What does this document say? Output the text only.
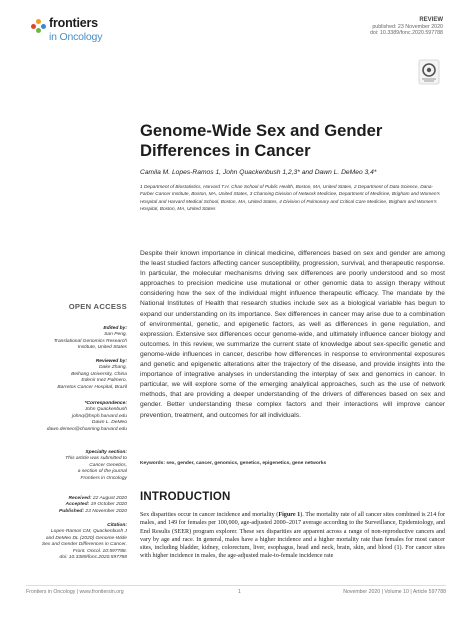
frontiers
in Oncology
REVIEW
published: 23 November 2020
doi: 10.3389/fonc.2020.597788
Genome-Wide Sex and Gender Differences in Cancer
Camila M. Lopes-Ramos 1, John Quackenbush 1,2,3* and Dawn L. DeMeo 3,4*
1 Department of Biostatistics, Harvard T.H. Chan School of Public Health, Boston, MA, United States, 2 Department of Data Science, Dana-Farber Cancer Institute, Boston, MA, United States, 3 Channing Division of Network Medicine, Department of Medicine, Brigham and Women's Hospital and Harvard Medical School, Boston, MA, United States, 4 Division of Pulmonary and Critical Care Medicine, Brigham and Women's Hospital, Boston, MA, United States

Despite their known importance in clinical medicine, differences based on sex and gender are among the least studied factors affecting cancer susceptibility, progression, survival, and therapeutic response. In particular, the molecular mechanisms driving sex differences are poorly understood and so most approaches to precision medicine use mutational or other genomic data to assign therapy without considering how the sex of the individual might influence therapeutic efficacy. The mandate by the National Institutes of Health that research studies include sex as a biological variable has begun to expand our understanding on its importance. Sex differences in cancer may arise due to a combination of environmental, genetic, and epigenetic factors, as well as differences in gene regulation, and expression. Extensive sex differences occur genome-wide, and ultimately influence cancer biology and outcomes. In this review, we summarize the current state of knowledge about sex-specific genetic and genome-wide influences in cancer, describe how differences in response to environmental exposures and genetic and epigenetic alterations alter the trajectory of the disease, and provide insights into the importance of integrative analyses in understanding the interplay of sex and genomics in cancer. In particular, we will explore some of the emerging analytical approaches, such as the use of network methods, that are providing a deeper understanding of the drivers of differences based on sex and gender. Better understanding these complex factors and their interactions will improve cancer prevention, treatment, and outcomes for all individuals.

Keywords: sex, gender, cancer, genomics, genetics, epigenetics, gene networks
INTRODUCTION

Sex disparities occur in cancer incidence and mortality (Figure 1). The mortality rate of all cancer sites combined is 214 for males, and 149 for females per 100,000, age-adjusted 2000–2017 average according to the Surveillance, Epidemiology, and End Results (SEER) program explorer. These sex disparities are apparent across a range of non-reproductive cancers and vary by age and race. In general, males have a higher incidence and a higher mortality rate than females for most cancer sites, including bladder, kidney, colorectum, liver, esophagus, head and neck, brain, skin, and blood (1). For cancer sites with higher incidence in males, the age-adjusted male-to-female incidence rate

OPEN ACCESS
Edited by:
San Peng,
Translational Genomics Research
Institute, United States
Reviewed by:
Dake Zhang,
Beihang University, China
Edenir Inez Palmero,
Barretos Cancer Hospital, Brazil
*Correspondence:
John Quackenbush
johnq@hsph.harvard.edu
Dawn L. DeMeo
dawn.demeo@channing.harvard.edu
Specialty section:
This article was submitted to
Cancer Genetics,
a section of the journal
Frontiers in Oncology
Received: 22 August 2020
Accepted: 19 October 2020
Published: 23 November 2020
Citation:
Lopes-Ramos CM, Quackenbush J
and DeMeo DL (2020) Genome-Wide
Sex and Gender Differences in Cancer.
Front. Oncol. 10:597788.
doi: 10.3389/fonc.2020.597788
Frontiers in Oncology | www.frontiersin.org	1	November 2020 | Volume 10 | Article 597788
